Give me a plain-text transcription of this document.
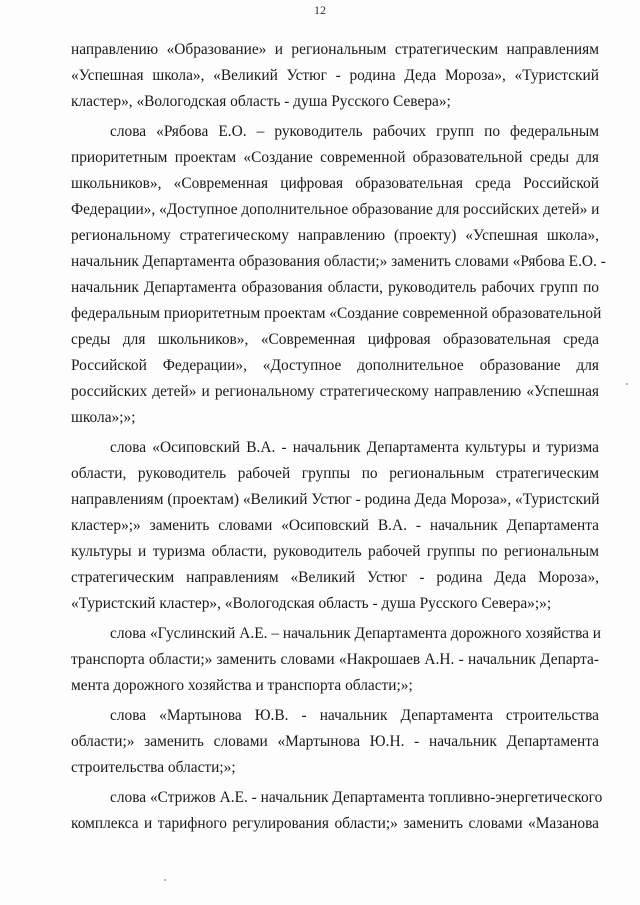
12
направлению «Образование» и региональным стратегическим направлениям
«Успешная школа», «Великий Устюг - родина Деда Мороза», «Туристский
кластер», «Вологодская область - душа Русского Севера»;
слова «Рябова Е.О. – руководитель рабочих групп по федеральным
приоритетным проектам «Создание современной образовательной среды для
школьников», «Современная цифровая образовательная среда Российской
Федерации», «Доступное дополнительное образование для российских детей» и
региональному стратегическому направлению (проекту) «Успешная школа»,
начальник Департамента образования области;» заменить словами «Рябова Е.О. -
начальник Департамента образования области, руководитель рабочих групп по
федеральным приоритетным проектам «Создание современной образовательной
среды для школьников», «Современная цифровая образовательная среда
Российской Федерации», «Доступное дополнительное образование для
российских детей» и региональному стратегическому направлению «Успешная
школа»;»;
слова «Осиповский В.А. - начальник Департамента культуры и туризма
области, руководитель рабочей группы по региональным стратегическим
направлениям (проектам) «Великий Устюг - родина Деда Мороза», «Туристский
кластер»;» заменить словами «Осиповский В.А. - начальник Департамента
культуры и туризма области, руководитель рабочей группы по региональным
стратегическим направлениям «Великий Устюг - родина Деда Мороза»,
«Туристский кластер», «Вологодская область - душа Русского Севера»;»;
слова «Гуслинский А.Е. – начальник Департамента дорожного хозяйства и
транспорта области;» заменить словами «Накрошаев А.Н. - начальник Департа-
мента дорожного хозяйства и транспорта области;»;
слова «Мартынова Ю.В. - начальник Департамента строительства
области;» заменить словами «Мартынова Ю.Н. - начальник Департамента
строительства области;»;
слова «Стрижов А.Е. - начальник Департамента топливно-энергетического
комплекса и тарифного регулирования области;» заменить словами «Мазанова
